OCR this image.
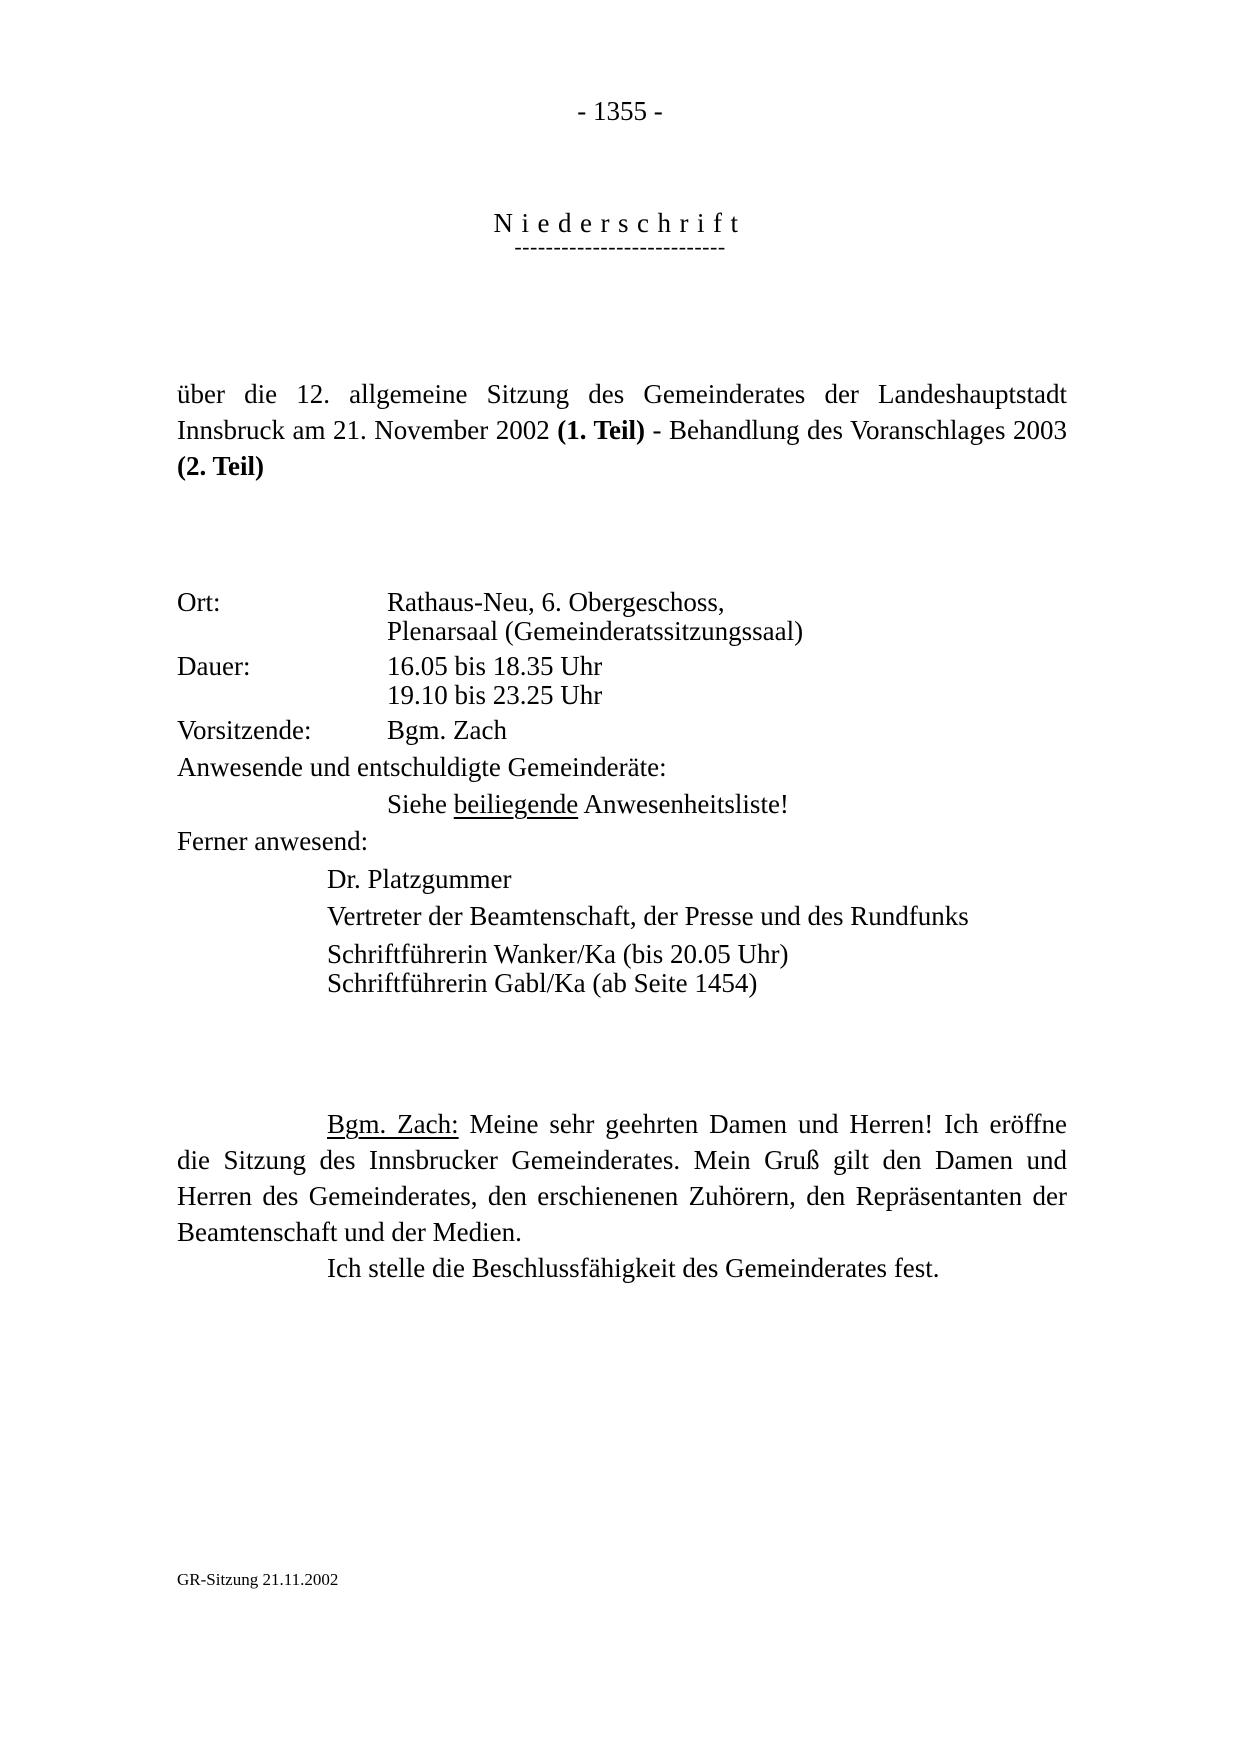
- 1355 -
Niederschrift
---------------------------
über die 12. allgemeine Sitzung des Gemeinderates der Landeshauptstadt Innsbruck am 21. November 2002 (1. Teil) - Behandlung des Voranschlages 2003 (2. Teil)
Ort:	Rathaus-Neu, 6. Obergeschoss,
Plenarsaal (Gemeinderatssitzungssaal)
Dauer:	16.05 bis 18.35 Uhr
19.10 bis 23.25 Uhr
Vorsitzende:	Bgm. Zach
Anwesende und entschuldigte Gemeinderäte:
Siehe beiliegende Anwesenheitsliste!
Ferner anwesend:
Dr. Platzgummer
Vertreter der Beamtenschaft, der Presse und des Rundfunks
Schriftführerin Wanker/Ka (bis 20.05 Uhr)
Schriftführerin Gabl/Ka (ab Seite 1454)

Bgm. Zach: Meine sehr geehrten Damen und Herren! Ich eröffne die Sitzung des Innsbrucker Gemeinderates. Mein Gruß gilt den Damen und Herren des Gemeinderates, den erschienenen Zuhörern, den Repräsentanten der Beamtenschaft und der Medien.

Ich stelle die Beschlussfähigkeit des Gemeinderates fest.

GR-Sitzung 21.11.2002
